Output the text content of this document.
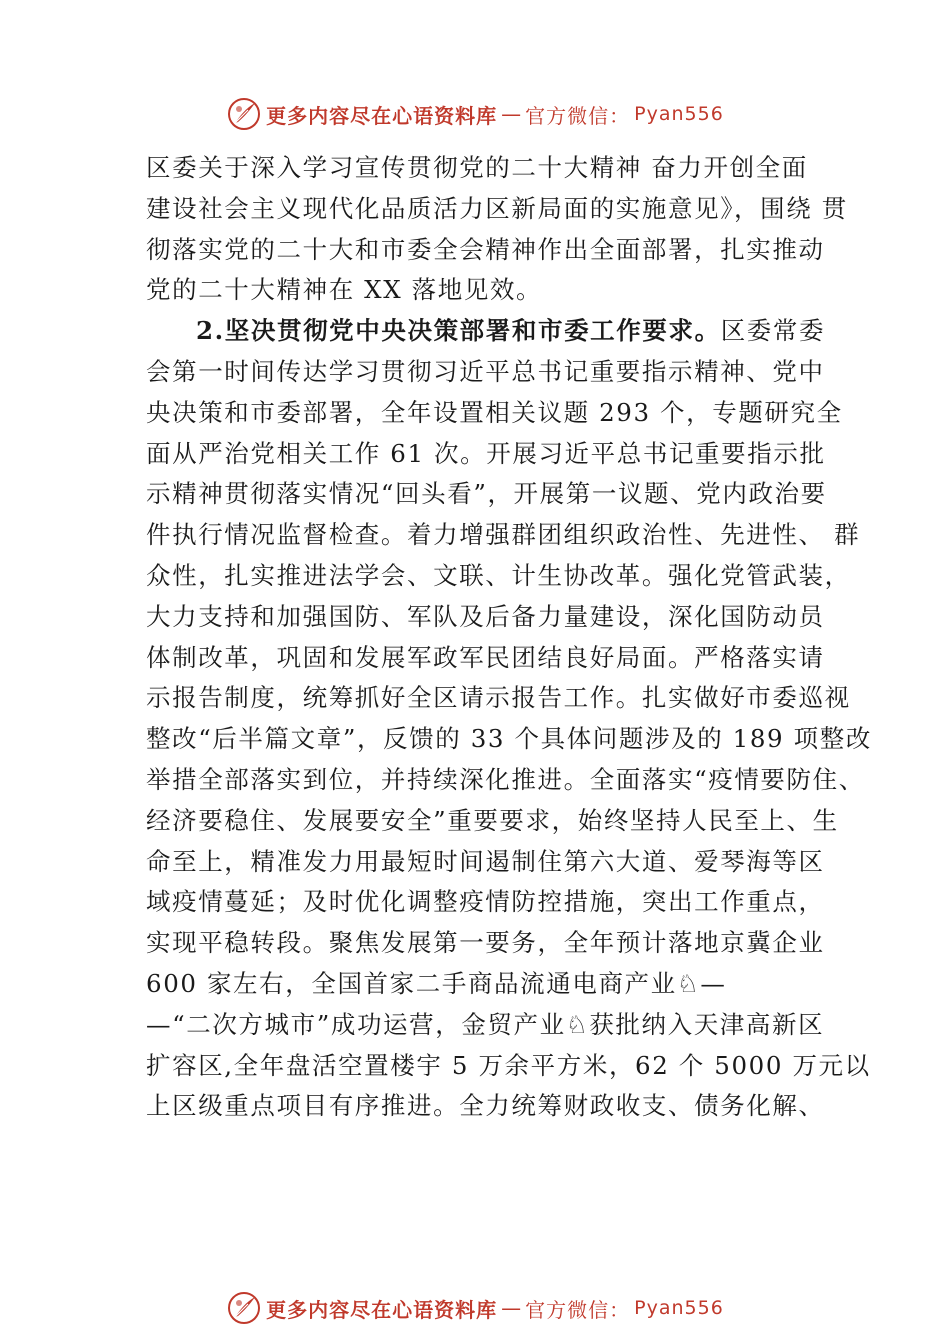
更多内容尽在心语资料库 — 官方微信： Pyan556
区委关于深入学习宣传贯彻党的二十大精神 奋力开创全面
建设社会主义现代化品质活力区新局面的实施意见》，围绕 贯
彻落实党的二十大和市委全会精神作出全面部署，扎实推动
党的二十大精神在 XX 落地见效。
2.坚决贯彻党中央决策部署和市委工作要求。区委常委
会第一时间传达学习贯彻习近平总书记重要指示精神、党中
央决策和市委部署，全年设置相关议题 293 个，专题研究全
面从严治党相关工作 61 次。开展习近平总书记重要指示批
示精神贯彻落实情况“回头看”，开展第一议题、党内政治要
件执行情况监督检查。着力增强群团组织政治性、先进性、 群
众性，扎实推进法学会、文联、计生协改革。强化党管武装，
大力支持和加强国防、军队及后备力量建设，深化国防动员
体制改革，巩固和发展军政军民团结良好局面。严格落实请
示报告制度，统筹抓好全区请示报告工作。扎实做好市委巡视
整改“后半篇文章”，反馈的 33 个具体问题涉及的 189 项整改
举措全部落实到位，并持续深化推进。全面落实“疫情要防住、
经济要稳住、发展要安全”重要要求，始终坚持人民至上、生
命至上，精准发力用最短时间遏制住第六大道、爱琴海等区
域疫情蔓延；及时优化调整疫情防控措施，突出工作重点，
实现平稳转段。聚焦发展第一要务，全年预计落地京冀企业
600 家左右，全国首家二手商品流通电商产业♘—
—“二次方城市”成功运营，金贸产业♘获批纳入天津高新区
扩容区,全年盘活空置楼宇 5 万余平方米，62 个 5000 万元以
上区级重点项目有序推进。全力统筹财政收支、债务化解、
更多内容尽在心语资料库 — 官方微信： Pyan556
